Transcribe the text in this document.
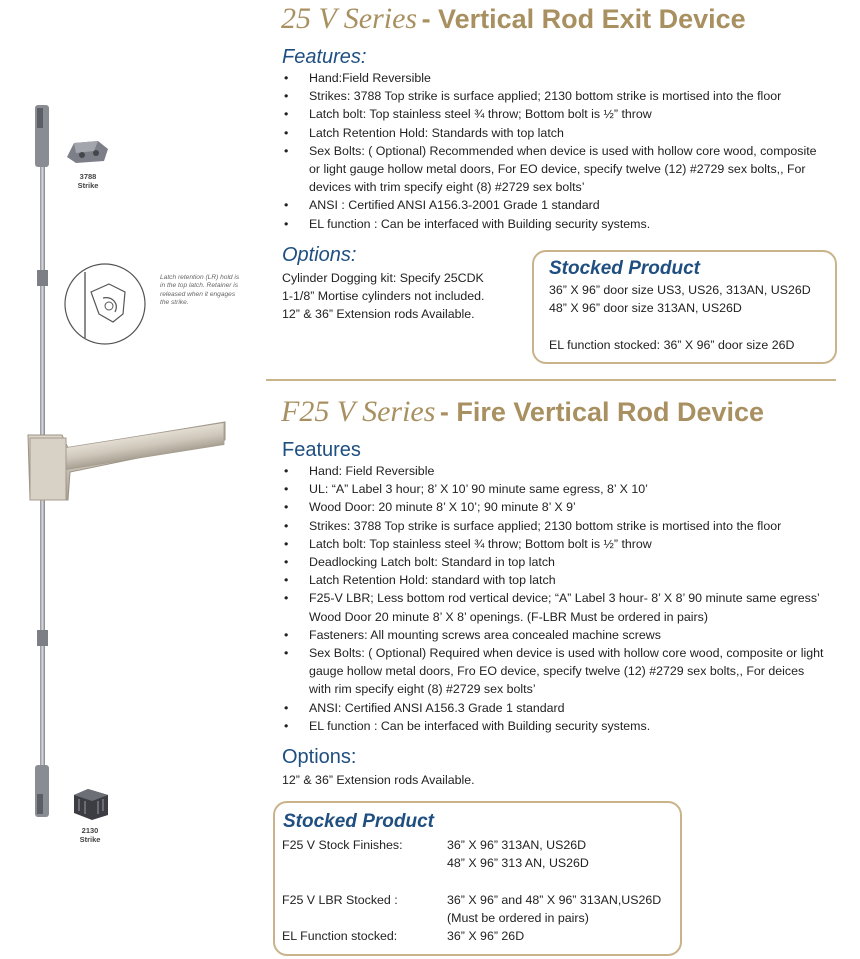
3788
Strike
Latch retention (LR) hold is
in the top latch. Retainer is
released when it engages
the strike.
2130
Strike
25 V Series - Vertical Rod Exit Device
Features:
• Hand:Field Reversible
• Strikes: 3788 Top strike is surface applied; 2130 bottom strike is mortised into the floor
• Latch bolt: Top stainless steel ¾ throw; Bottom bolt is ½” throw
• Latch Retention Hold: Standards with top latch
• Sex Bolts: ( Optional) Recommended when device is used with hollow core wood, composite or light gauge hollow metal doors, For EO device, specify twelve (12) #2729 sex bolts,, For devices with trim specify eight (8) #2729 sex bolts’
• ANSI : Certified ANSI A156.3-2001 Grade 1 standard
• EL function : Can be interfaced with Building security systems.
Options:
Cylinder Dogging kit: Specify 25CDK
1-1/8” Mortise cylinders not included.
12” & 36” Extension rods Available.
Stocked Product
36” X 96” door size US3, US26, 313AN, US26D
48” X 96” door size 313AN, US26D
EL function stocked: 36” X 96” door size 26D
F25 V Series - Fire Vertical Rod Device
Features
• Hand: Field Reversible
• UL: “A” Label 3 hour; 8’ X 10’ 90 minute same egress, 8’ X 10’
• Wood Door: 20 minute 8’ X 10’; 90 minute 8’ X 9’
• Strikes: 3788 Top strike is surface applied; 2130 bottom strike is mortised into the floor
• Latch bolt: Top stainless steel ¾ throw; Bottom bolt is ½” throw
• Deadlocking Latch bolt: Standard in top latch
• Latch Retention Hold: standard with top latch
• F25-V LBR; Less bottom rod vertical device; “A” Label 3 hour- 8’ X 8’ 90 minute same egress’ Wood Door 20 minute 8’ X 8’ openings. (F-LBR Must be ordered in pairs)
• Fasteners: All mounting screws area concealed machine screws
• Sex Bolts: ( Optional) Required when device is used with hollow core wood, composite or light gauge hollow metal doors, Fro EO device, specify twelve (12) #2729 sex bolts,, For deices with rim specify eight (8) #2729 sex bolts’
• ANSI: Certified ANSI A156.3 Grade 1 standard
• EL function : Can be interfaced with Building security systems.
Options:
12” & 36” Extension rods Available.
Stocked Product
F25 V Stock Finishes:	36” X 96” 313AN, US26D
48” X 96” 313 AN, US26D
F25 V LBR Stocked :	36” X 96” and 48” X 96” 313AN,US26D
(Must be ordered in pairs)
EL Function stocked:	36” X 96” 26D
